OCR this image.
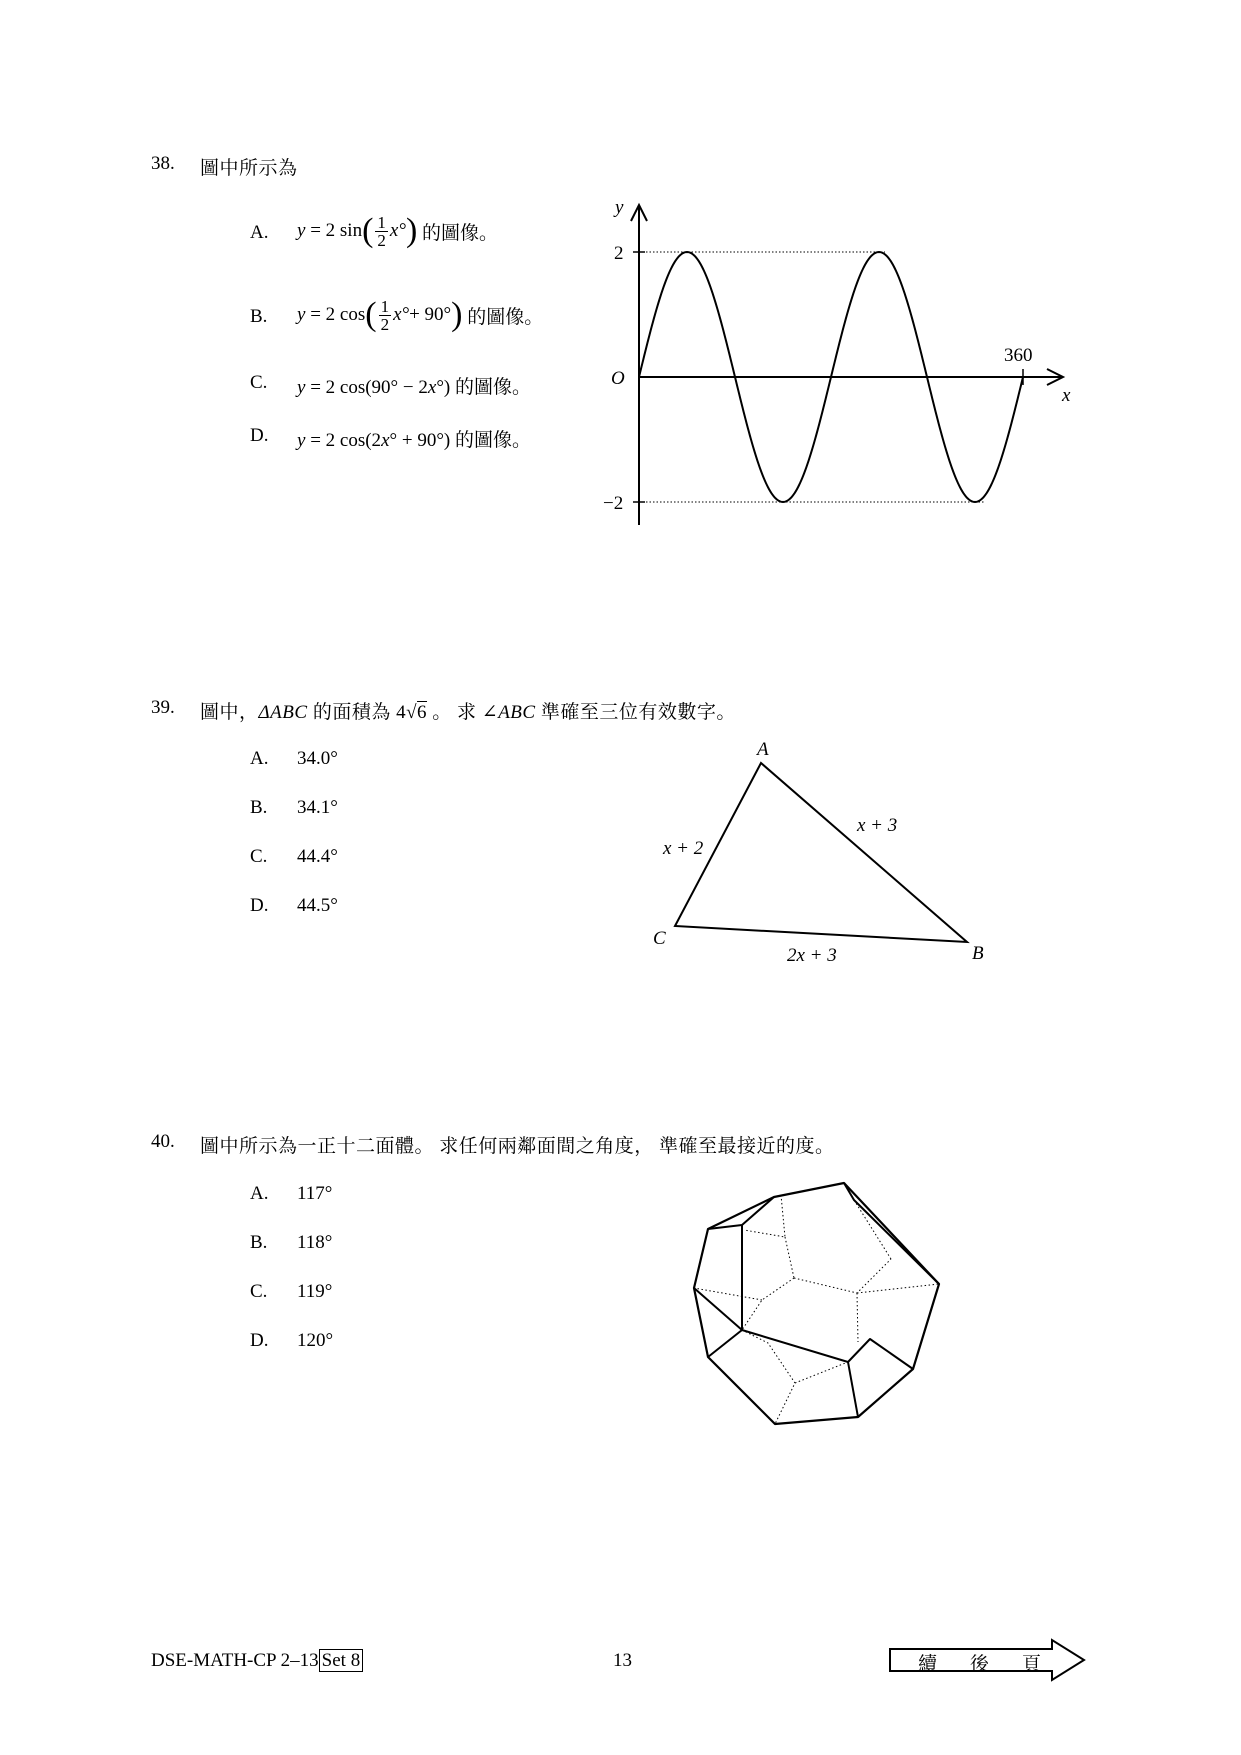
38. 圖中所示為
A. y
= 2
sin ( $\frac{1}{2} x^\circ$ )
的圖像。
B. y
= 2
cos ( $\frac{1}{2} x^\circ + 90^\circ$ )
的圖像。
C. y = 2 cos(90° − 2x°) 的圖像。
D. y = 2 cos(2x° + 90°) 的圖像。
y
x
O
2
−2
360
39. 圖中，ΔABC 的面積為 4√6 。 求 ∠ABC 準確至三位有效數字。
A. 34.0°
B. 34.1°
C. 44.4°
D. 44.5°
A
B
C
x + 2
x + 3
2x + 3
40. 圖中所示為一正十二面體。 求任何兩鄰面間之角度， 準確至最接近的度。
A. 117°
B. 118°
C. 119°
D. 120°
DSE-MATH-CP 2–13 Set 8	13	續 後 頁
